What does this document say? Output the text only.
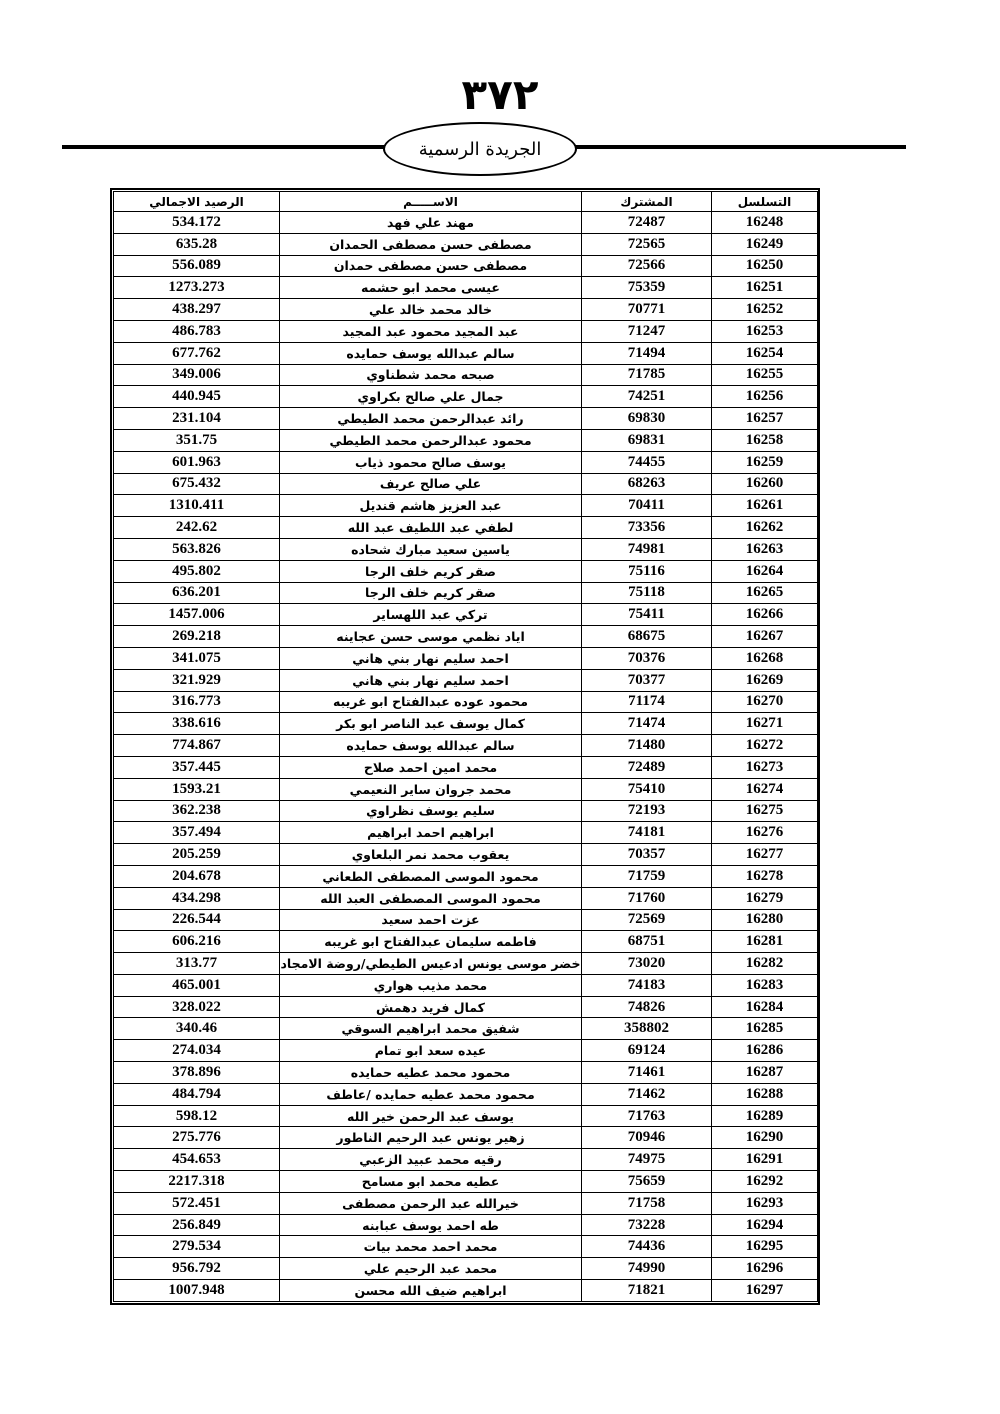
٣٧٢
الجريدة الرسمية
التسلسل	المشترك	الاســـــم	الرصيد الاجمالي
16248	72487	مهند علي فهد	534.172
16249	72565	مصطفى حسن مصطفى الحمدان	635.28
16250	72566	مصطفى حسن مصطفى حمدان	556.089
16251	75359	عيسى محمد ابو حشمه	1273.273
16252	70771	خالد محمد خالد علي	438.297
16253	71247	عبد المجيد محمود عبد المجيد	486.783
16254	71494	سالم عبدالله يوسف حمايده	677.762
16255	71785	صبحه محمد شطناوي	349.006
16256	74251	جمال علي صالح بكراوي	440.945
16257	69830	رائد عبدالرحمن محمد الطيطي	231.104
16258	69831	محمود عبدالرحمن محمد الطيطي	351.75
16259	74455	يوسف صالح محمود ذياب	601.963
16260	68263	علي صالح عريف	675.432
16261	70411	عبد العزيز هاشم قنديل	1310.411
16262	73356	لطفي عبد اللطيف عبد الله	242.62
16263	74981	ياسين سعيد مبارك شحاده	563.826
16264	75116	صقر كريم خلف الرجا	495.802
16265	75118	صقر كريم خلف الرجا	636.201
16266	75411	تركي عبد اللهساير	1457.006
16267	68675	اياد نظمي موسى حسن عجاينه	269.218
16268	70376	احمد سليم نهار بني هاني	341.075
16269	70377	احمد سليم نهار بني هاني	321.929
16270	71174	محمود عوده عبدالفتاح ابو غريبه	316.773
16271	71474	كمال يوسف عبد الناصر ابو بكر	338.616
16272	71480	سالم عبدالله يوسف حمايده	774.867
16273	72489	محمد امين احمد صلاح	357.445
16274	75410	محمد جروان ساير النعيمي	1593.21
16275	72193	سليم يوسف نظراوي	362.238
16276	74181	ابراهيم احمد ابراهيم	357.494
16277	70357	يعقوب محمد نمر البلعاوي	205.259
16278	71759	محمود الموسى المصطفى الطعاني	204.678
16279	71760	محمود الموسى المصطفى العبد الله	434.298
16280	72569	عزت احمد سعيد	226.544
16281	68751	فاطمه سليمان عبدالفتاح ابو غريبه	606.216
16282	73020	خضر موسى يونس ادعيس الطيطي/روضة الامجاد	313.77
16283	74183	محمد مذيب هواري	465.001
16284	74826	كمال فريد دهمش	328.022
16285	358802	شفيق محمد ابراهيم السوقي	340.46
16286	69124	عيده سعد ابو تمام	274.034
16287	71461	محمود محمد عطيه حمايده	378.896
16288	71462	محمود محمد عطيه حمايده /عاطف	484.794
16289	71763	يوسف عبد الرحمن خير الله	598.12
16290	70946	زهير يونس عبد الرحيم الناطور	275.776
16291	74975	رقيه محمد عبيد الزعبي	454.653
16292	75659	عطيه محمد ابو مسامح	2217.318
16293	71758	خيرالله عبد الرحمن مصطفى	572.451
16294	73228	طه احمد يوسف عبابنه	256.849
16295	74436	محمد احمد محمد بيات	279.534
16296	74990	محمد عبد الرحيم علي	956.792
16297	71821	ابراهيم ضيف الله محسن	1007.948
